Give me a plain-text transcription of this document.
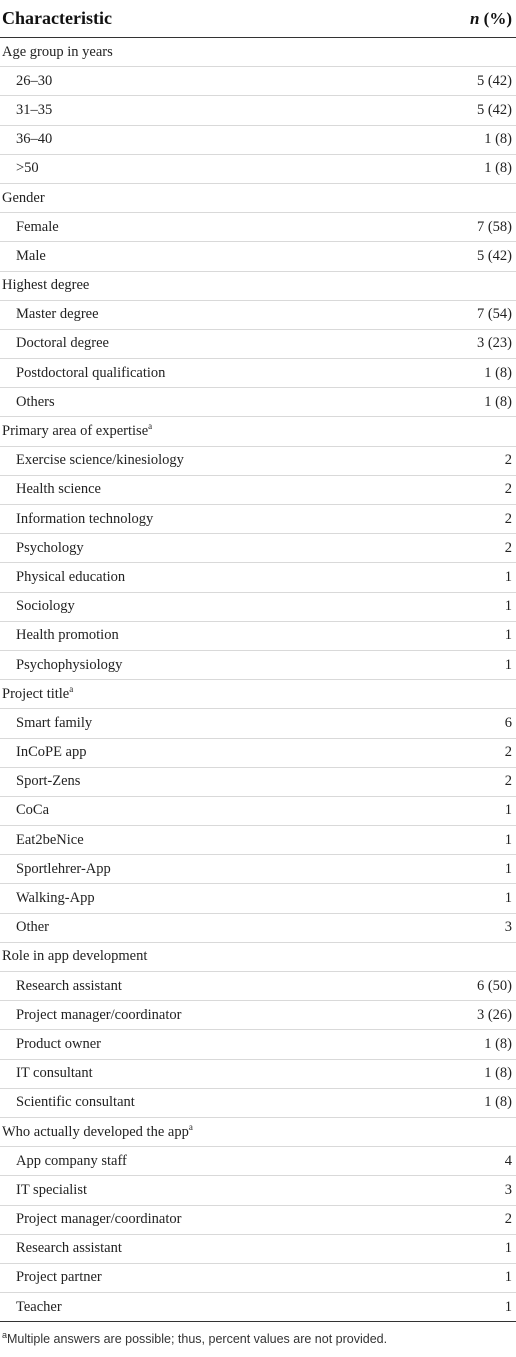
Characteristic	n (%)
Age group in years
26–30	5 (42)
31–35	5 (42)
36–40	1 (8)
>50	1 (8)
Gender
Female	7 (58)
Male	5 (42)
Highest degree
Master degree	7 (54)
Doctoral degree	3 (23)
Postdoctoral qualification	1 (8)
Others	1 (8)
Primary area of expertise$^a$
Exercise science/kinesiology	2
Health science	2
Information technology	2
Psychology	2
Physical education	1
Sociology	1
Health promotion	1
Psychophysiology	1
Project title$^a$
Smart family	6
InCoPE app	2
Sport-Zens	2
CoCa	1
Eat2beNice	1
Sportlehrer-App	1
Walking-App	1
Other	3
Role in app development
Research assistant	6 (50)
Project manager/coordinator	3 (26)
Product owner	1 (8)
IT consultant	1 (8)
Scientific consultant	1 (8)
Who actually developed the app$^a$
App company staff	4
IT specialist	3
Project manager/coordinator	2
Research assistant	1
Project partner	1
Teacher	1
$^a$Multiple answers are possible; thus, percent values are not provided.
